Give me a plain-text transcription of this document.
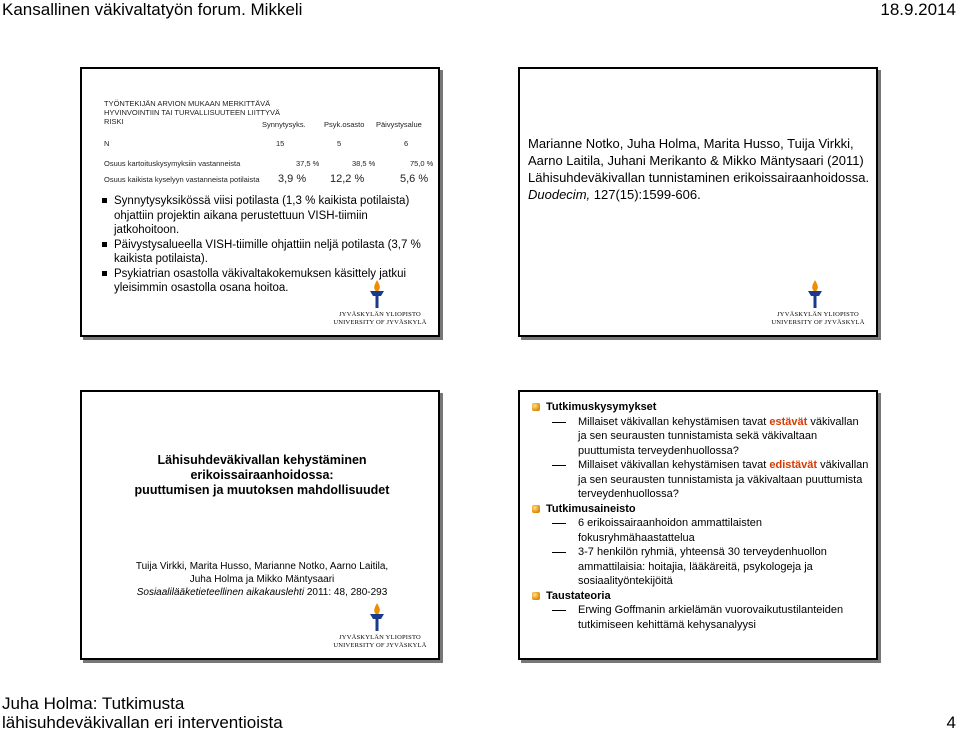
Kansallinen väkivaltatyön forum. Mikkeli	18.9.2014
TYÖNTEKIJÄN ARVION MUKAAN MERKITTÄVÄ
HYVINVOINTIIN TAI TURVALLISUUTEEN LIITTYVÄ
RISKI	Synnytysyks. Psyk.osasto Päivystysalue
N	15	5	6
Osuus kartoituskysymyksiin vastanneista	37,5 %	38,5 %	75,0 %
Osuus kaikista kyselyyn vastanneista potilaista 3,9 % 12,2 %	5,6 %
Synnytysyksikössä viisi potilasta (1,3 % kaikista potilaista) ohjattiin projektin aikana perustettuun VISH-tiimiin jatkohoitoon.
Päivystysalueella VISH-tiimille ohjattiin neljä potilasta (3,7 % kaikista potilaista).
Psykiatrian osastolla väkivaltakokemuksen käsittely jatkui yleisimmin osastolla osana hoitoa.
JYVÄSKYLÄN YLIOPISTO
UNIVERSITY OF JYVÄSKYLÄ
Marianne Notko, Juha Holma, Marita Husso, Tuija Virkki, Aarno Laitila, Juhani Merikanto & Mikko Mäntysaari (2011) Lähisuhdeväkivallan tunnistaminen erikoissairaanhoidossa. Duodecim, 127(15):1599-606.
JYVÄSKYLÄN YLIOPISTO
UNIVERSITY OF JYVÄSKYLÄ
Lähisuhdeväkivallan kehystäminen
erikoissairaanhoidossa:
puuttumisen ja muutoksen mahdollisuudet
Tuija Virkki, Marita Husso, Marianne Notko, Aarno Laitila,
Juha Holma ja Mikko Mäntysaari
Sosiaalilääketieteellinen aikakauslehti 2011: 48, 280-293
JYVÄSKYLÄN YLIOPISTO
UNIVERSITY OF JYVÄSKYLÄ
Tutkimuskysymykset
Millaiset väkivallan kehystämisen tavat estävät väkivallan ja sen seurausten tunnistamista sekä väkivaltaan puuttumista terveydenhuollossa?
Millaiset väkivallan kehystämisen tavat edistävät väkivallan ja sen seurausten tunnistamista ja väkivaltaan puuttumista terveydenhuollossa?
Tutkimusaineisto
6 erikoissairaanhoidon ammattilaisten fokusryhmähaastattelua
3-7 henkilön ryhmiä, yhteensä 30 terveydenhuollon ammattilaisia: hoitajia, lääkäreitä, psykologeja ja sosiaalityöntekijöitä
Taustateoria
Erwing Goffmanin arkielämän vuorovaikutustilanteiden tutkimiseen kehittämä kehysanalyysi
Juha Holma: Tutkimusta lähisuhdeväkivallan eri interventioista	4
